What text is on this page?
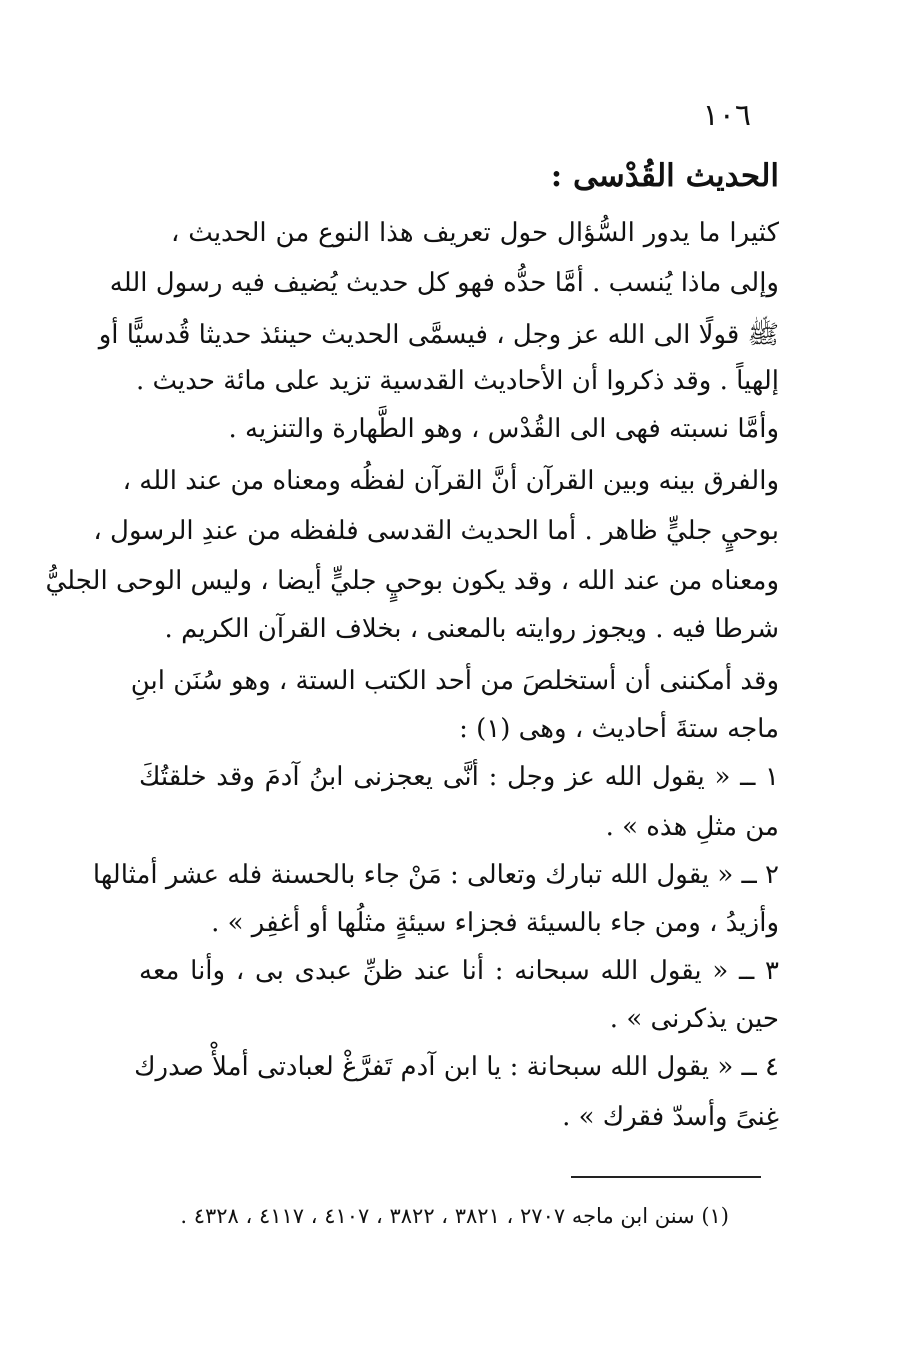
١٠٦
الحديث القُدْسى :
كثيرا ما يدور السُّؤال حول تعريف هذا النوع من الحديث ،
وإلى ماذا يُنسب . أمَّا حدُّه فهو كل حديث يُضيف فيه رسول الله
ﷺ قولًا الى الله عز وجل ، فيسمَّى الحديث حينئذ حديثا قُدسيًّا أو
إلهياً . وقد ذكروا أن الأحاديث القدسية تزيد على مائة حديث .
وأمَّا نسبته فهى الى القُدْس ، وهو الطَّهارة والتنزيه .
والفرق بينه وبين القرآن أنَّ القرآن لفظُه ومعناه من عند الله ،
بوحيٍ جليٍّ ظاهر . أما الحديث القدسى فلفظه من عندِ الرسول ،
ومعناه من عند الله ، وقد يكون بوحيٍ جليٍّ أيضا ، وليس الوحى الجليُّ
شرطا فيه . ويجوز روايته بالمعنى ، بخلاف القرآن الكريم .
وقد أمكننى أن أستخلصَ من أحد الكتب الستة ، وهو سُنَن ابنِ
ماجه ستةَ أحاديث ، وهى (١) :
١ ــ « يقول الله عز وجل : أنَّى يعجزنى ابنُ آدمَ وقد خلقتُكَ
من مثلِ هذه » .
٢ ــ « يقول الله تبارك وتعالى : مَنْ جاء بالحسنة فله عشر أمثالها
وأزيدُ ، ومن جاء بالسيئة فجزاء سيئةٍ مثلُها أو أغفِر » .
٣ ــ « يقول الله سبحانه : أنا عند ظنِّ عبدى بى ، وأنا معه
حين يذكرنى » .
٤ ــ « يقول الله سبحانة : يا ابن آدم تَفرَّغْ لعبادتى أملأْ صدرك
غِنىً وأسدّ فقرك » .
(١) سنن ابن ماجه ٢٧٠٧ ، ٣٨٢١ ، ٣٨٢٢ ، ٤١٠٧ ، ٤١١٧ ، ٤٣٢٨ .
